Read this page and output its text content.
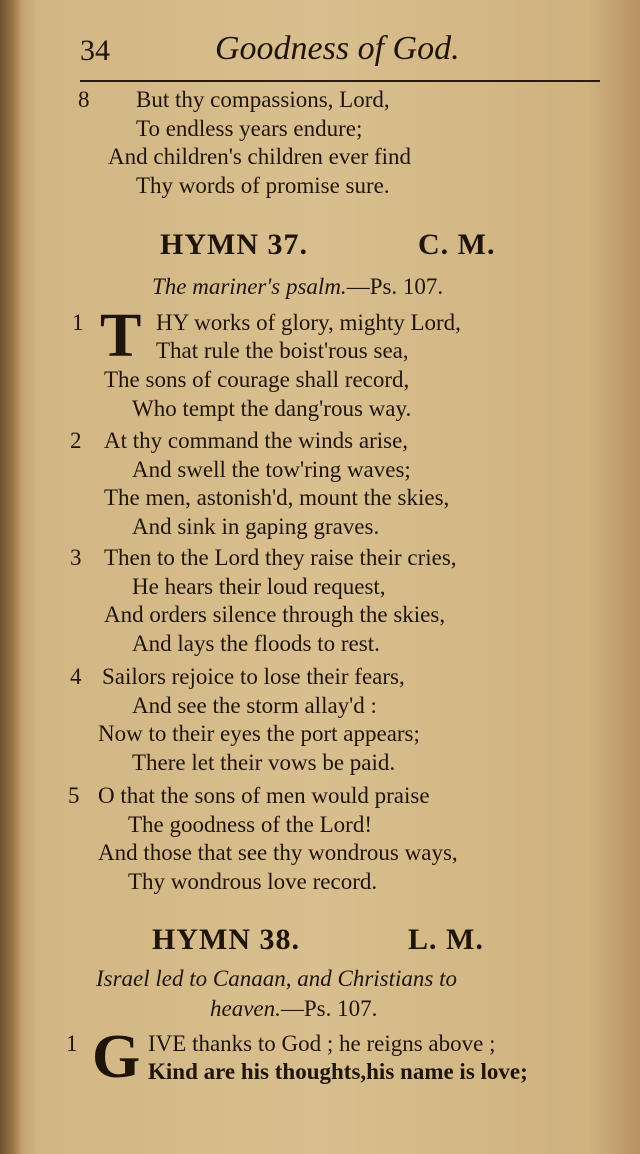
34	Goodness of God.
8 But thy compassions, Lord,
To endless years endure;
And children's children ever find
Thy words of promise sure.
HYMN 37.	C. M.
The mariner's psalm.—Ps. 107.
1 T HY works of glory, mighty Lord,
That rule the boist'rous sea,
The sons of courage shall record,
Who tempt the dang'rous way.
2 At thy command the winds arise,
And swell the tow'ring waves;
The men, astonish'd, mount the skies,
And sink in gaping graves.
3 Then to the Lord they raise their cries,
He hears their loud request,
And orders silence through the skies,
And lays the floods to rest.
4 Sailors rejoice to lose their fears,
And see the storm allay'd :
Now to their eyes the port appears;
There let their vows be paid.
5 O that the sons of men would praise
The goodness of the Lord!
And those that see thy wondrous ways,
Thy wondrous love record.
HYMN 38.	L. M.
Israel led to Canaan, and Christians to
heaven.—Ps. 107.
1 G IVE thanks to God ; he reigns above ;
Kind are his thoughts,his name is love;
